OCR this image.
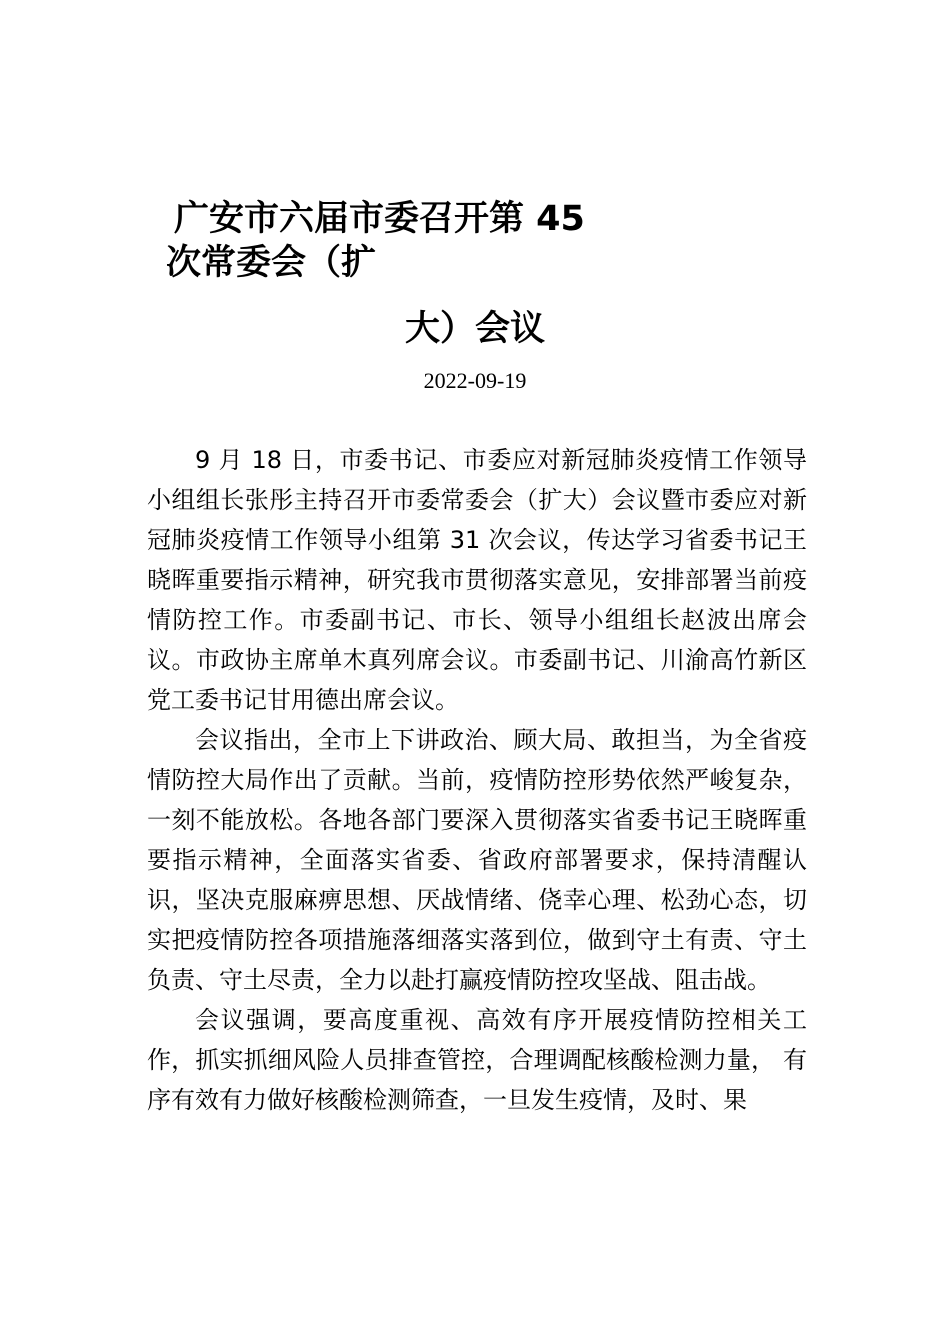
广安市六届市委召开第 45
次常委会（扩
大）会议
2022-09-19

9 月 18 日，市委书记、市委应对新冠肺炎疫情工作领导小组组长张彤主持召开市委常委会（扩大）会议暨市委应对新冠肺炎疫情工作领导小组第 31 次会议，传达学习省委书记王晓晖重要指示精神，研究我市贯彻落实意见，安排部署当前疫情防控工作。市委副书记、市长、领导小组组长赵波出席会议。市政协主席单木真列席会议。市委副书记、川渝高竹新区党工委书记甘用德出席会议。

会议指出，全市上下讲政治、顾大局、敢担当，为全省疫情防控大局作出了贡献。当前，疫情防控形势依然严峻复杂，一刻不能放松。各地各部门要深入贯彻落实省委书记王晓晖重要指示精神，全面落实省委、省政府部署要求，保持清醒认识，坚决克服麻痹思想、厌战情绪、侥幸心理、松劲心态，切实把疫情防控各项措施落细落实落到位，做到守土有责、守土负责、守土尽责，全力以赴打赢疫情防控攻坚战、阻击战。

会议强调，要高度重视、高效有序开展疫情防控相关工作，抓实抓细风险人员排查管控，合理调配核酸检测力量， 有序有效有力做好核酸检测筛查，一旦发生疫情，及时、果
